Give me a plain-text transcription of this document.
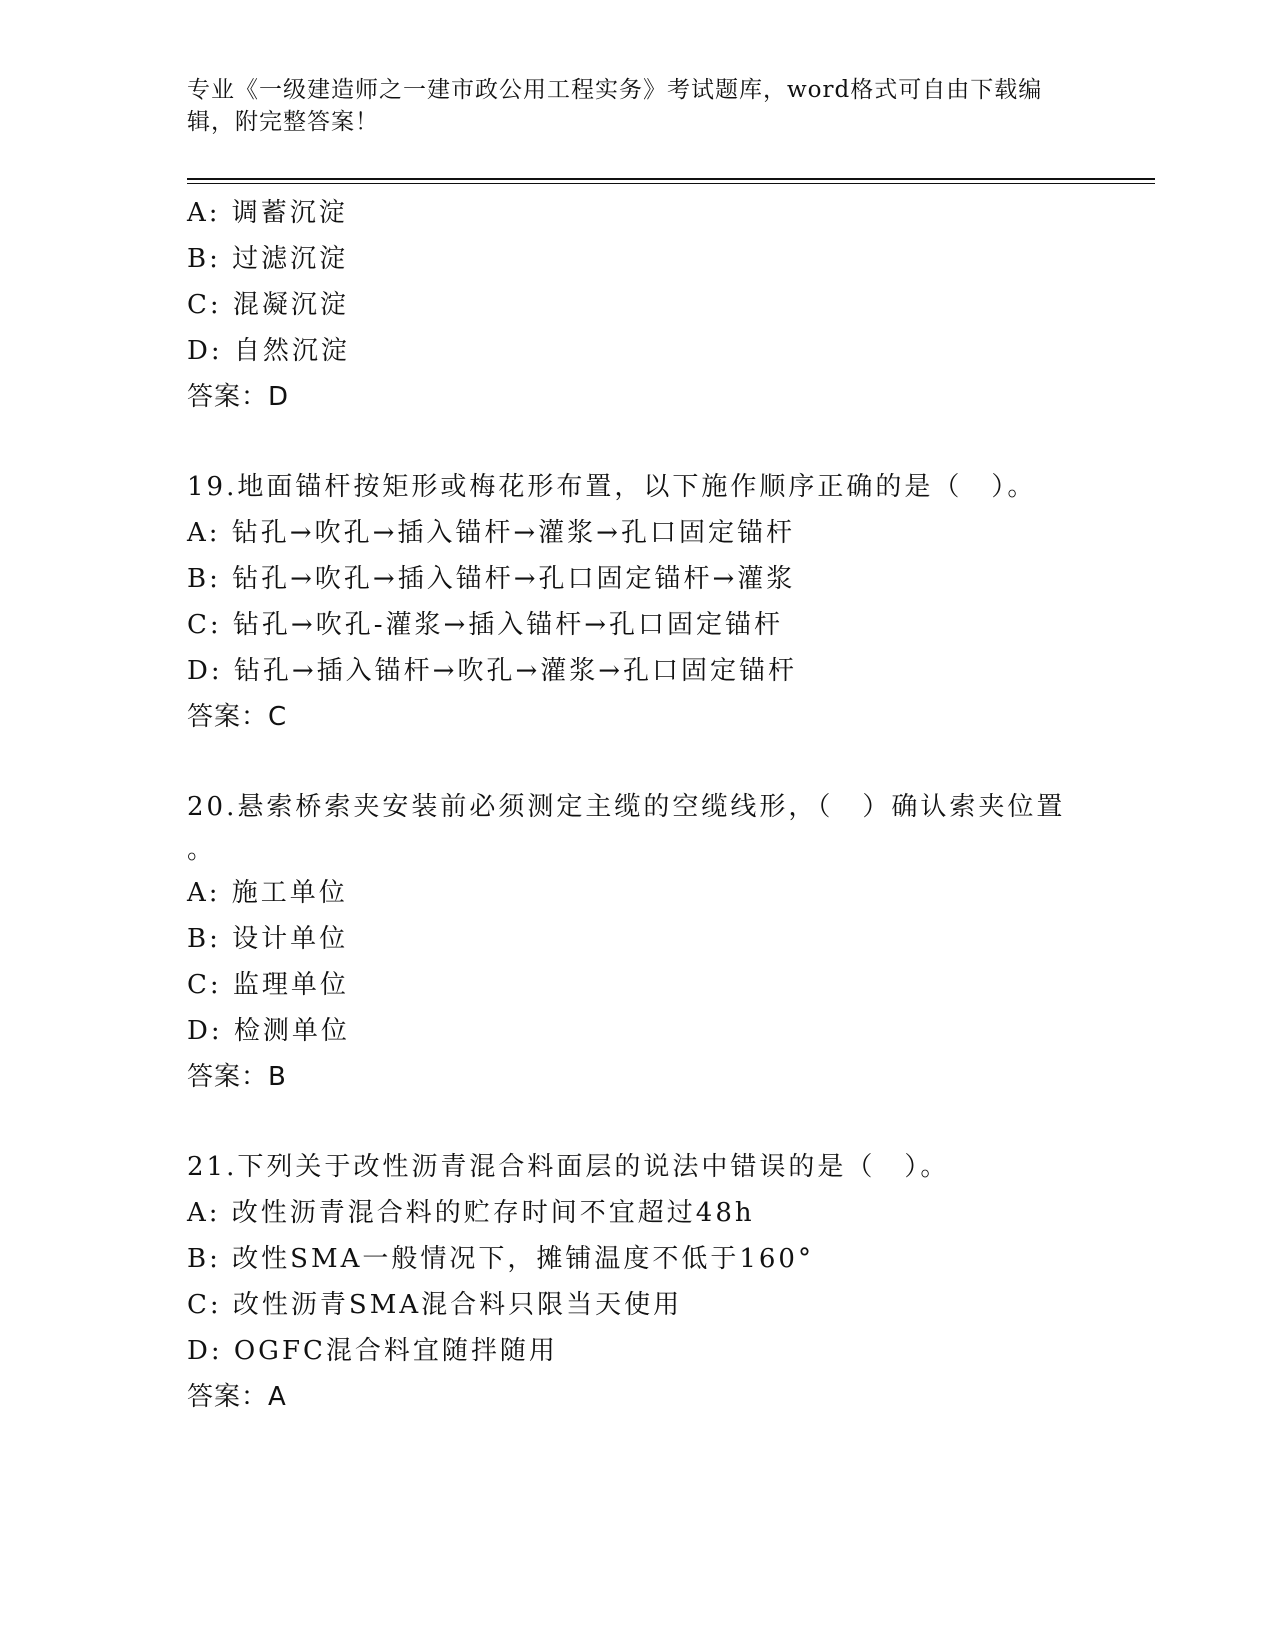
专业《一级建造师之一建市政公用工程实务》考试题库，word格式可自由下载编
辑，附完整答案！
A: 调蓄沉淀
B: 过滤沉淀
C: 混凝沉淀
D: 自然沉淀
答案：D
19.地面锚杆按矩形或梅花形布置，以下施作顺序正确的是（　）。
A: 钻孔→吹孔→插入锚杆→灌浆→孔口固定锚杆
B: 钻孔→吹孔→插入锚杆→孔口固定锚杆→灌浆
C: 钻孔→吹孔-灌浆→插入锚杆→孔口固定锚杆
D: 钻孔→插入锚杆→吹孔→灌浆→孔口固定锚杆
答案：C
20.悬索桥索夹安装前必须测定主缆的空缆线形，（　）确认索夹位置
。
A: 施工单位
B: 设计单位
C: 监理单位
D: 检测单位
答案：B
21.下列关于改性沥青混合料面层的说法中错误的是（　）。
A: 改性沥青混合料的贮存时间不宜超过48h
B: 改性SMA一般情况下，摊铺温度不低于160°
C: 改性沥青SMA混合料只限当天使用
D: OGFC混合料宜随拌随用
答案：A
